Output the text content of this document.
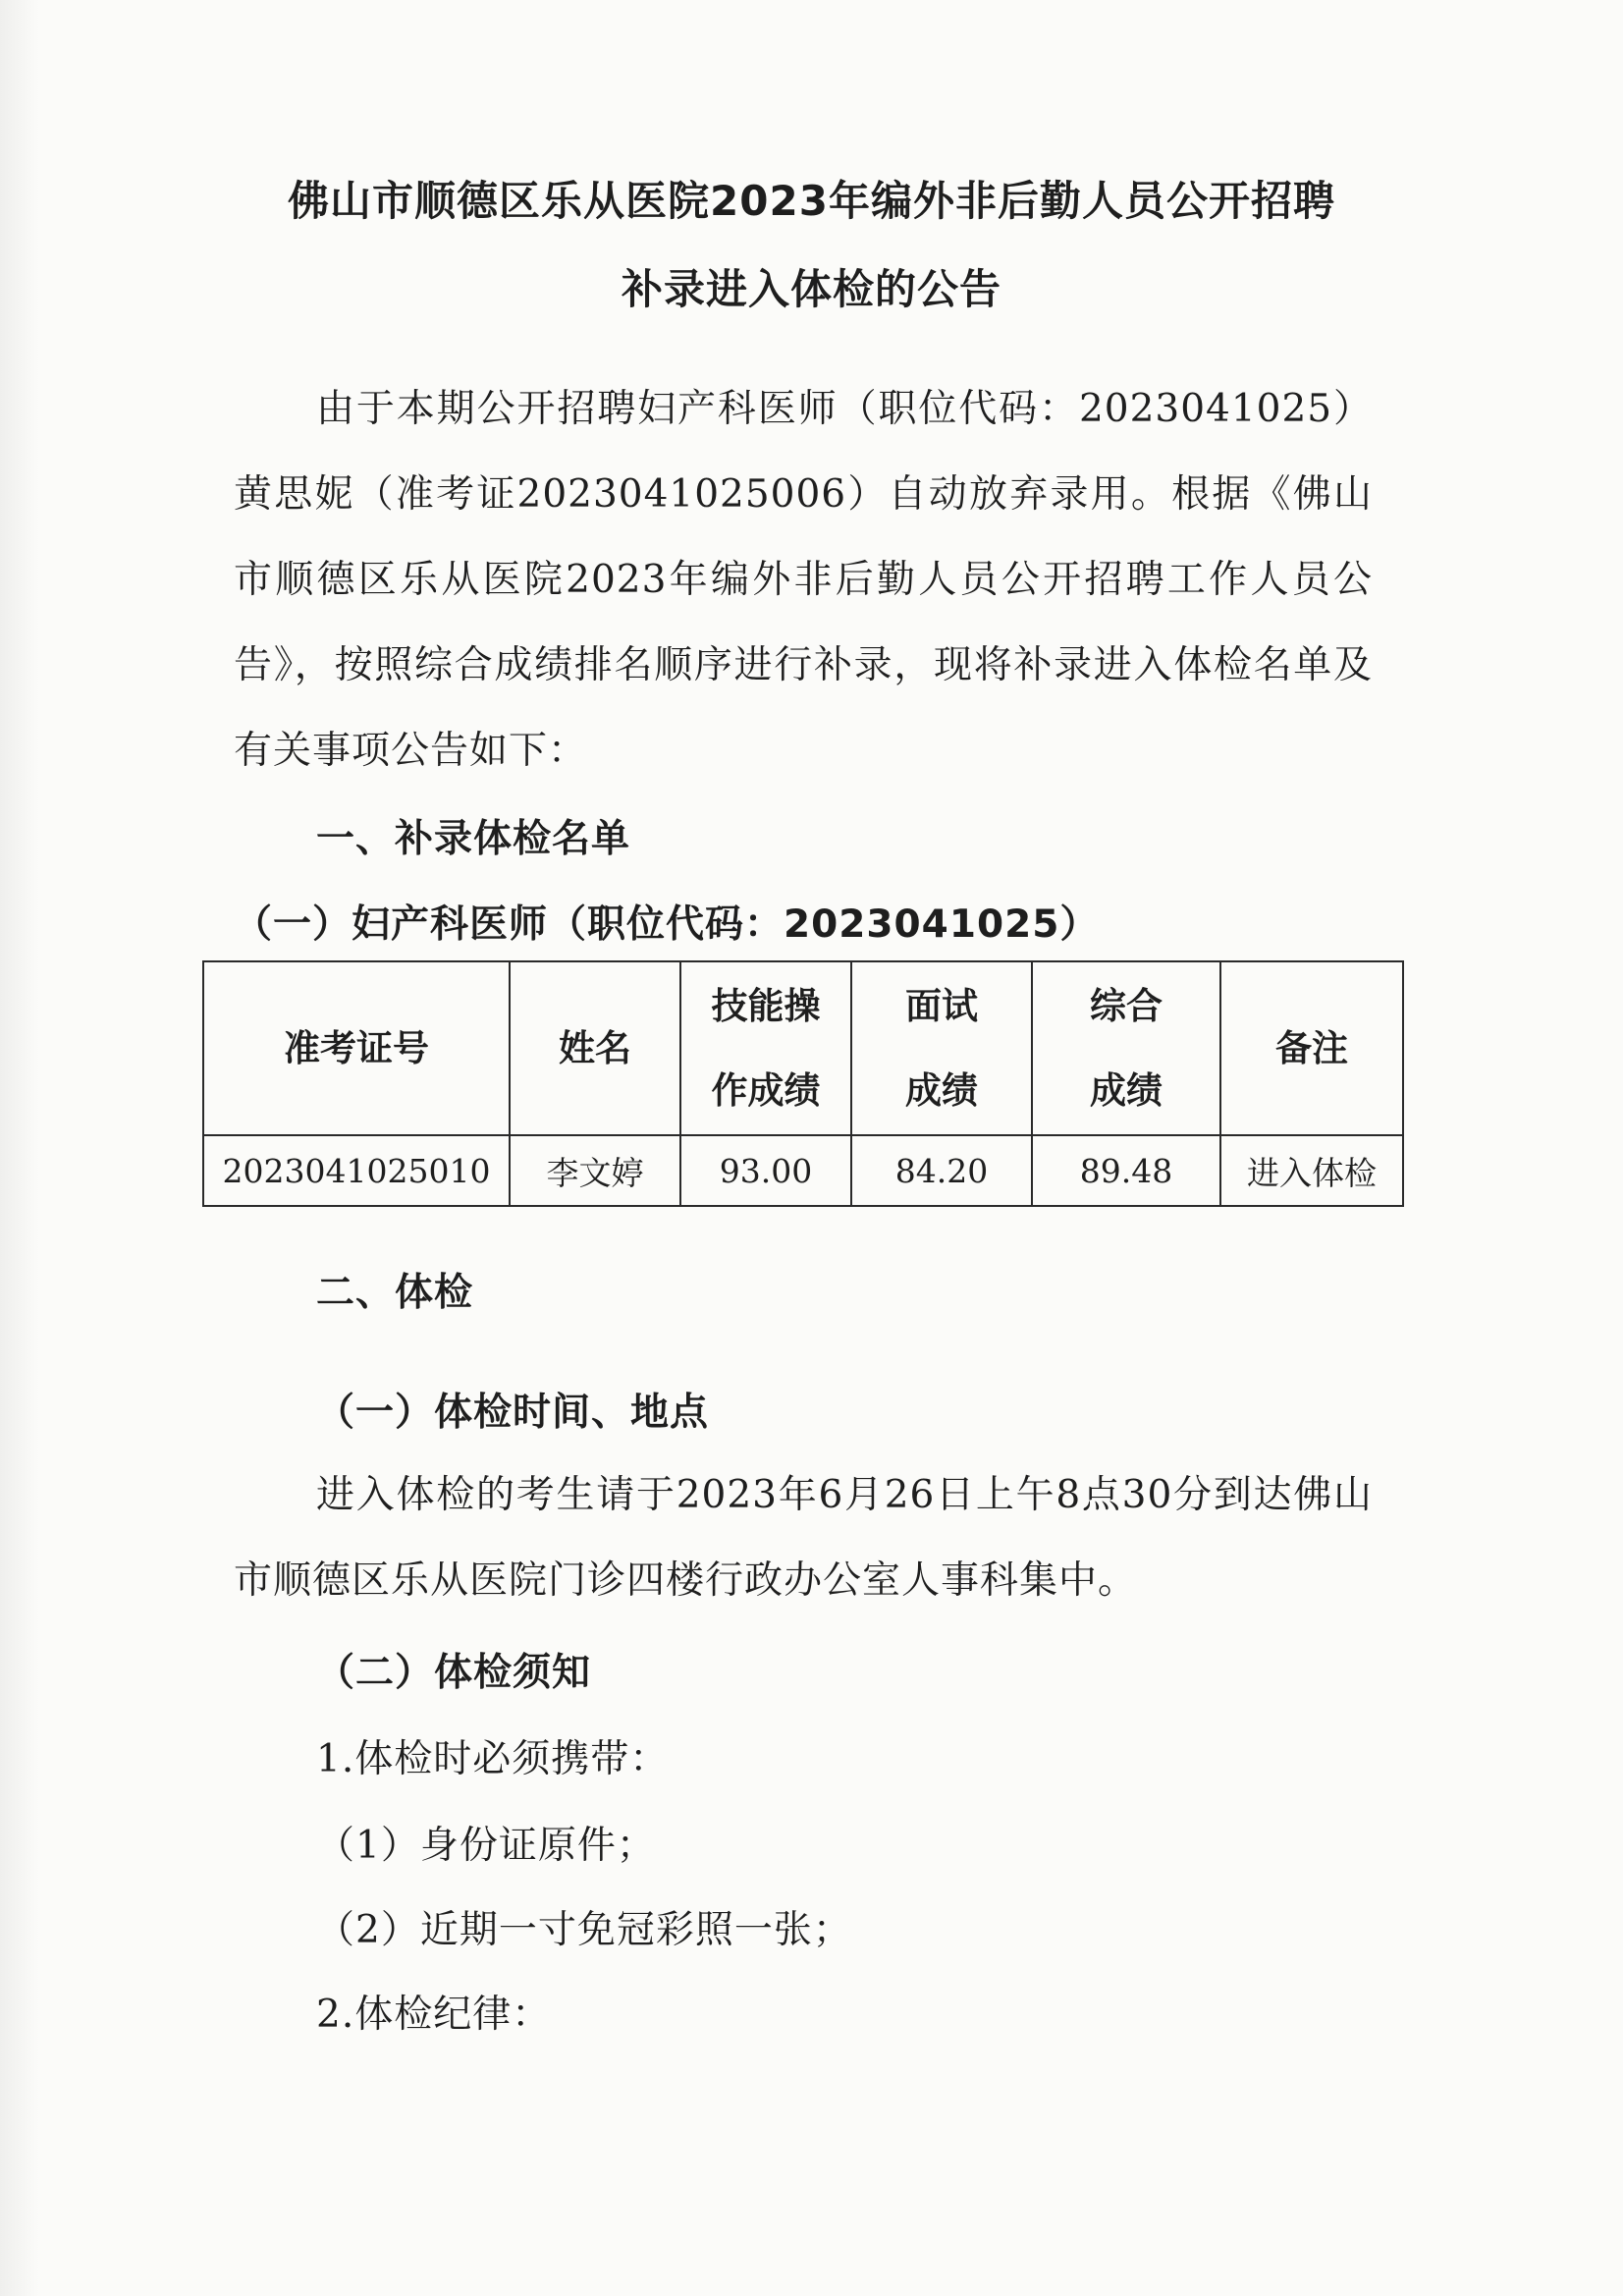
佛山市顺德区乐从医院2023年编外非后勤人员公开招聘
补录进入体检的公告
由于本期公开招聘妇产科医师（职位代码：2023041025）黄思妮（准考证2023041025006）自动放弃录用。根据《佛山市顺德区乐从医院2023年编外非后勤人员公开招聘工作人员公告》，按照综合成绩排名顺序进行补录，现将补录进入体检名单及有关事项公告如下：
一、补录体检名单
（一）妇产科医师（职位代码：2023041025）
准考证号	姓名	技能操作成绩	面试成绩	综合成绩	备注
2023041025010	李文婷	93.00	84.20	89.48	进入体检
二、体检
（一）体检时间、地点
进入体检的考生请于2023年6月26日上午8点30分到达佛山市顺德区乐从医院门诊四楼行政办公室人事科集中。
（二）体检须知
1.体检时必须携带：
（1）身份证原件；
（2）近期一寸免冠彩照一张；
2.体检纪律：
